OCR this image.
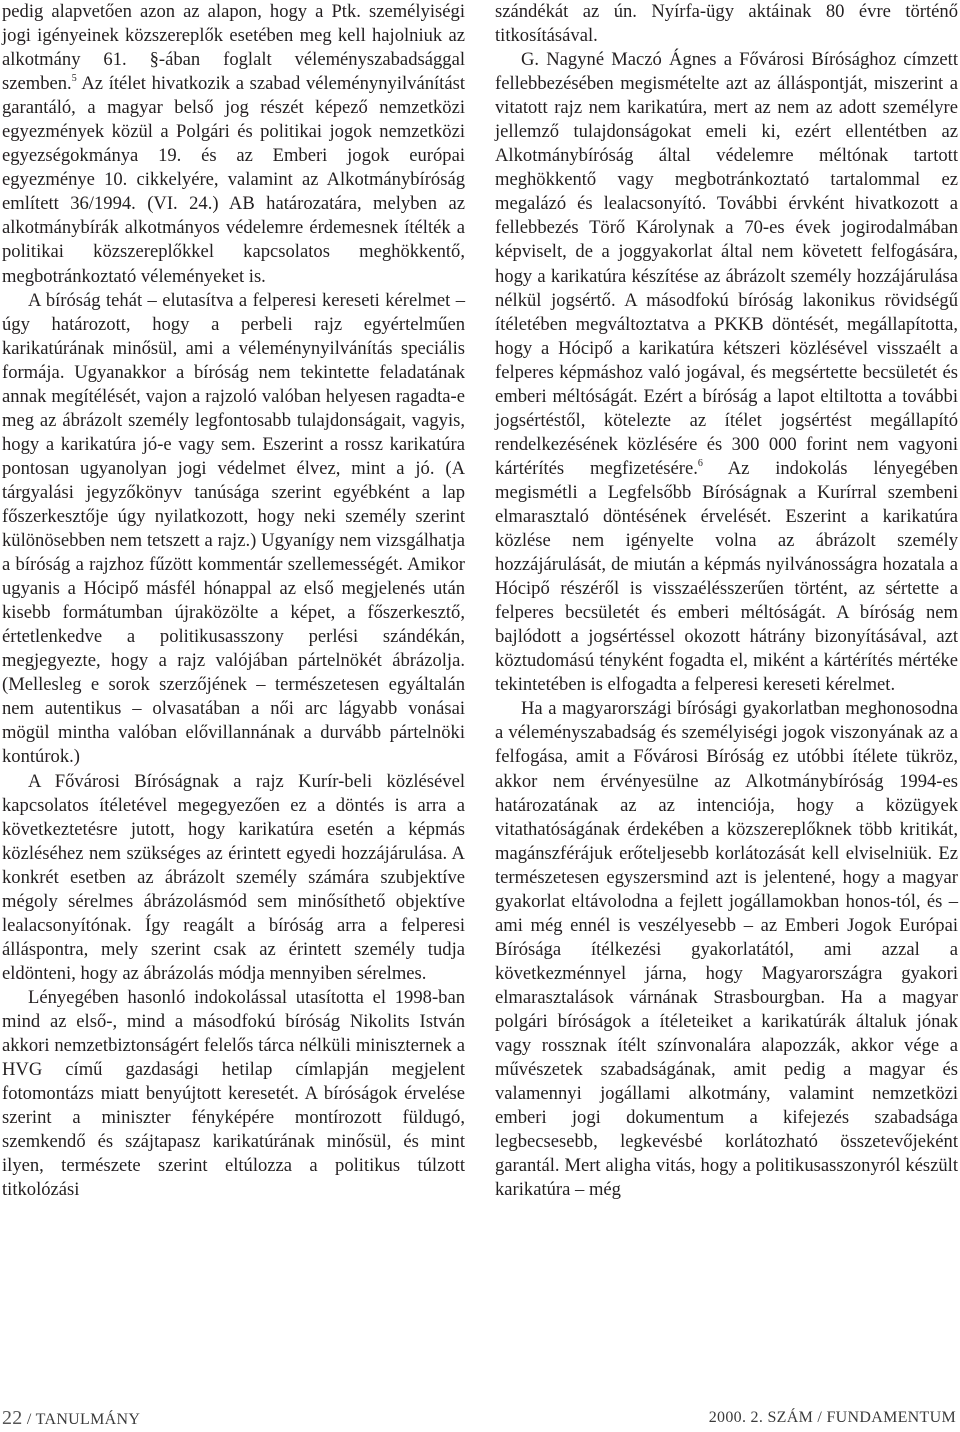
pedig alapvetően azon az alapon, hogy a Ptk. személyiségi jogi igényeinek közszereplők esetében meg kell hajolniuk az alkotmány 61. §-ában foglalt véleményszabadsággal szemben.$^5$ Az ítélet hivatkozik a szabad véleménynyilvánítást garantáló, a magyar belső jog részét képező nemzetközi egyezmények közül a Polgári és politikai jogok nemzetközi egyezségokmánya 19. és az Emberi jogok európai egyezménye 10. cikkelyére, valamint az Alkotmánybíróság említett 36/1994. (VI. 24.) AB határozatára, melyben az alkotmánybírák alkotmányos védelemre érdemesnek ítélték a politikai közszereplőkkel kapcsolatos meghökkentő, megbotránkoztató véleményeket is.

A bíróság tehát – elutasítva a felperesi kereseti kérelmet – úgy határozott, hogy a perbeli rajz egyértelműen karikatúrának minősül, ami a véleménynyilvánítás speciális formája. Ugyanakkor a bíróság nem tekintette feladatának annak megítélését, vajon a rajzoló valóban helyesen ragadta-e meg az ábrázolt személy legfontosabb tulajdonságait, vagyis, hogy a karikatúra jó-e vagy sem. Eszerint a rossz karikatúra pontosan ugyanolyan jogi védelmet élvez, mint a jó. (A tárgyalási jegyzőkönyv tanúsága szerint egyébként a lap főszerkesztője úgy nyilatkozott, hogy neki személy szerint különösebben nem tetszett a rajz.) Ugyanígy nem vizsgálhatja a bíróság a rajzhoz fűzött kommentár szellemességét. Amikor ugyanis a Hócipő másfél hónappal az első megjelenés után kisebb formátumban újraközölte a képet, a főszerkesztő, értetlenkedve a politikusasszony perlési szándékán, megjegyezte, hogy a rajz valójában pártelnökét ábrázolja. (Mellesleg e sorok szerzőjének – természetesen egyáltalán nem autentikus – olvasatában a női arc lágyabb vonásai mögül mintha valóban elővillannának a durvább pártelnöki kontúrok.)

A Fővárosi Bíróságnak a rajz Kurír-beli közlésével kapcsolatos ítéletével megegyezően ez a döntés is arra a következtetésre jutott, hogy karikatúra esetén a képmás közléséhez nem szükséges az érintett egyedi hozzájárulása. A konkrét esetben az ábrázolt személy számára szubjektíve mégoly sérelmes ábrázolásmód sem minősíthető objektíve lealacsonyítónak. Így reagált a bíróság arra a felperesi álláspontra, mely szerint csak az érintett személy tudja eldönteni, hogy az ábrázolás módja mennyiben sérelmes.

Lényegében hasonló indokolással utasította el 1998-ban mind az első-, mind a másodfokú bíróság Nikolits István akkori nemzetbiztonságért felelős tárca nélküli miniszternek a HVG című gazdasági hetilap címlapján megjelent fotomontázs miatt benyújtott keresetét. A bíróságok érvelése szerint a miniszter fényképére montírozott füldugó, szemkendő és szájtapasz karikatúrának minősül, és mint ilyen, természete szerint eltúlozza a politikus túlzott titkolózási

szándékát az ún. Nyírfa-ügy aktáinak 80 évre történő titkosításával.

G. Nagyné Maczó Ágnes a Fővárosi Bírósághoz címzett fellebbezésében megismételte azt az álláspontját, miszerint a vitatott rajz nem karikatúra, mert az nem az adott személyre jellemző tulajdonságokat emeli ki, ezért ellentétben az Alkotmánybíróság által védelemre méltónak tartott meghökkentő vagy megbotránkoztató tartalommal ez megalázó és lealacsonyító. További érvként hivatkozott a fellebbezés Törő Károlynak a 70-es évek jogirodalmában képviselt, de a joggyakorlat által nem követett felfogására, hogy a karikatúra készítése az ábrázolt személy hozzájárulása nélkül jogsértő. A másodfokú bíróság lakonikus rövidségű ítéletében megváltoztatva a PKKB döntését, megállapította, hogy a Hócipő a karikatúra kétszeri közlésével visszaélt a felperes képmáshoz való jogával, és megsértette becsületét és emberi méltóságát. Ezért a bíróság a lapot eltiltotta a további jogsértéstől, kötelezte az ítélet jogsértést megállapító rendelkezésének közlésére és 300 000 forint nem vagyoni kártérítés megfizetésére.$^6$ Az indokolás lényegében megismétli a Legfelsőbb Bíróságnak a Kurírral szembeni elmarasztaló döntésének érvelését. Eszerint a karikatúra közlése nem igényelte volna az ábrázolt személy hozzájárulását, de miután a képmás nyilvánosságra hozatala a Hócipő részéről is visszaélésszerűen történt, az sértette a felperes becsületét és emberi méltóságát. A bíróság nem bajlódott a jogsértéssel okozott hátrány bizonyításával, azt köztudomású tényként fogadta el, miként a kártérítés mértéke tekintetében is elfogadta a felperesi kereseti kérelmet.

Ha a magyarországi bírósági gyakorlatban meghonosodna a véleményszabadság és személyiségi jogok viszonyának az a felfogása, amit a Fővárosi Bíróság ez utóbbi ítélete tükröz, akkor nem érvényesülne az Alkotmánybíróság 1994-es határozatának az az intenciója, hogy a közügyek vitathatóságának érdekében a közszereplőknek több kritikát, magánszférájuk erőteljesebb korlátozását kell elviselniük. Ez természetesen egyszersmind azt is jelentené, hogy a magyar gyakorlat eltávolodna a fejlett jogállamokban honos-tól, és – ami még ennél is veszélyesebb – az Emberi Jogok Európai Bírósága ítélkezési gyakorlatától, ami azzal a következménnyel járna, hogy Magyarországra gyakori elmarasztalások várnának Strasbourgban. Ha a magyar polgári bíróságok a ítéleteiket a karikatúrák általuk jónak vagy rossznak ítélt színvonalára alapozzák, akkor vége a művészetek szabadságának, amit pedig a magyar és valamennyi jogállami alkotmány, valamint nemzetközi emberi jogi dokumentum a kifejezés szabadsága legbecsesebb, legkevésbé korlátozható összetevőjeként garantál. Mert aligha vitás, hogy a politikusasszonyról készült karikatúra – még

22 / TANULMÁNY	2000. 2. SZÁM / FUNDAMENTUM
